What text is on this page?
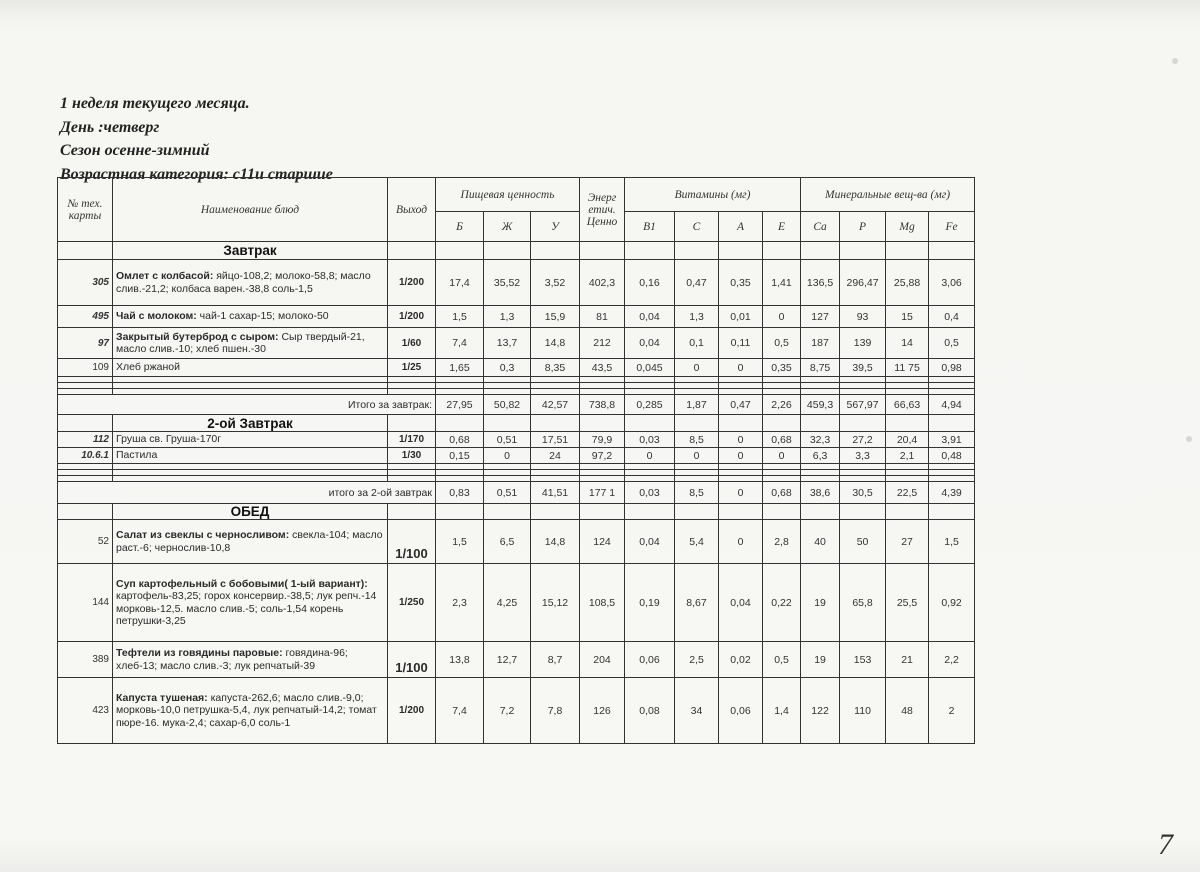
1 неделя текущего месяца.
День :четверг
Сезон осенне-зимний
Возрастная категория: с11и старшие
№ тех. карты	Наименование блюд	Выход	Пищевая ценность			Энерг етич. Ценно	Витамины (мг)				Минеральные вещ-ва (мг)			
			Б	Ж	У		B1	C	A	E	Ca	P	Mg	Fe
	Завтрак													
305	Омлет с колбасой: яйцо-108,2; молоко-58,8; масло слив.-21,2; колбаса варен.-38,8 соль-1,5	1/200	17,4	35,52	3,52	402,3	0,16	0,47	0,35	1,41	136,5	296,47	25,88	3,06
495	Чай с молоком: чай-1 сахар-15; молоко-50	1/200	1,5	1,3	15,9	81	0,04	1,3	0,01	0	127	93	15	0,4
97	Закрытый бутерброд с сыром: Сыр твердый-21, масло слив.-10; хлеб пшен.-30	1/60	7,4	13,7	14,8	212	0,04	0,1	0,11	0,5	187	139	14	0,5
109	Хлеб ржаной	1/25	1,65	0,3	8,35	43,5	0,045	0	0	0,35	8,75	39,5	11 75	0,98

Итого за завтрак:			27,95	50,82	42,57	738,8	0,285	1,87	0,47	2,26	459,3	567,97	66,63	4,94
	2-ой Завтрак													
112	Груша св. Груша-170г	1/170	0,68	0,51	17,51	79,9	0,03	8,5	0	0,68	32,3	27,2	20,4	3,91
10.6.1	Пастила	1/30	0,15	0	24	97,2	0	0	0	0	6,3	3,3	2,1	0,48

итого за 2-ой завтрак			0,83	0,51	41,51	177 1	0,03	8,5	0	0,68	38,6	30,5	22,5	4,39
	ОБЕД													
52	Салат из свеклы с черносливом: свекла-104; масло раст.-6; чернослив-10,8	1/100	1,5	6,5	14,8	124	0,04	5,4	0	2,8	40	50	27	1,5
144	Суп картофельный с бобовыми( 1-ый вариант): картофель-83,25; горох консервир.-38,5; лук репч.-14 морковь-12,5. масло слив.-5; соль-1,54 корень петрушки-3,25	1/250	2,3	4,25	15,12	108,5	0,19	8,67	0,04	0,22	19	65,8	25,5	0,92
389	Тефтели из говядины паровые: говядина-96; хлеб-13; масло слив.-3; лук репчатый-39	1/100	13,8	12,7	8,7	204	0,06	2,5	0,02	0,5	19	153	21	2,2
423	Капуста тушеная: капуста-262,6; масло слив.-9,0; морковь-10,0 петрушка-5,4, лук репчатый-14,2; томат пюре-16. мука-2,4; сахар-6,0 соль-1	1/200	7,4	7,2	7,8	126	0,08	34	0,06	1,4	122	110	48	2
7
